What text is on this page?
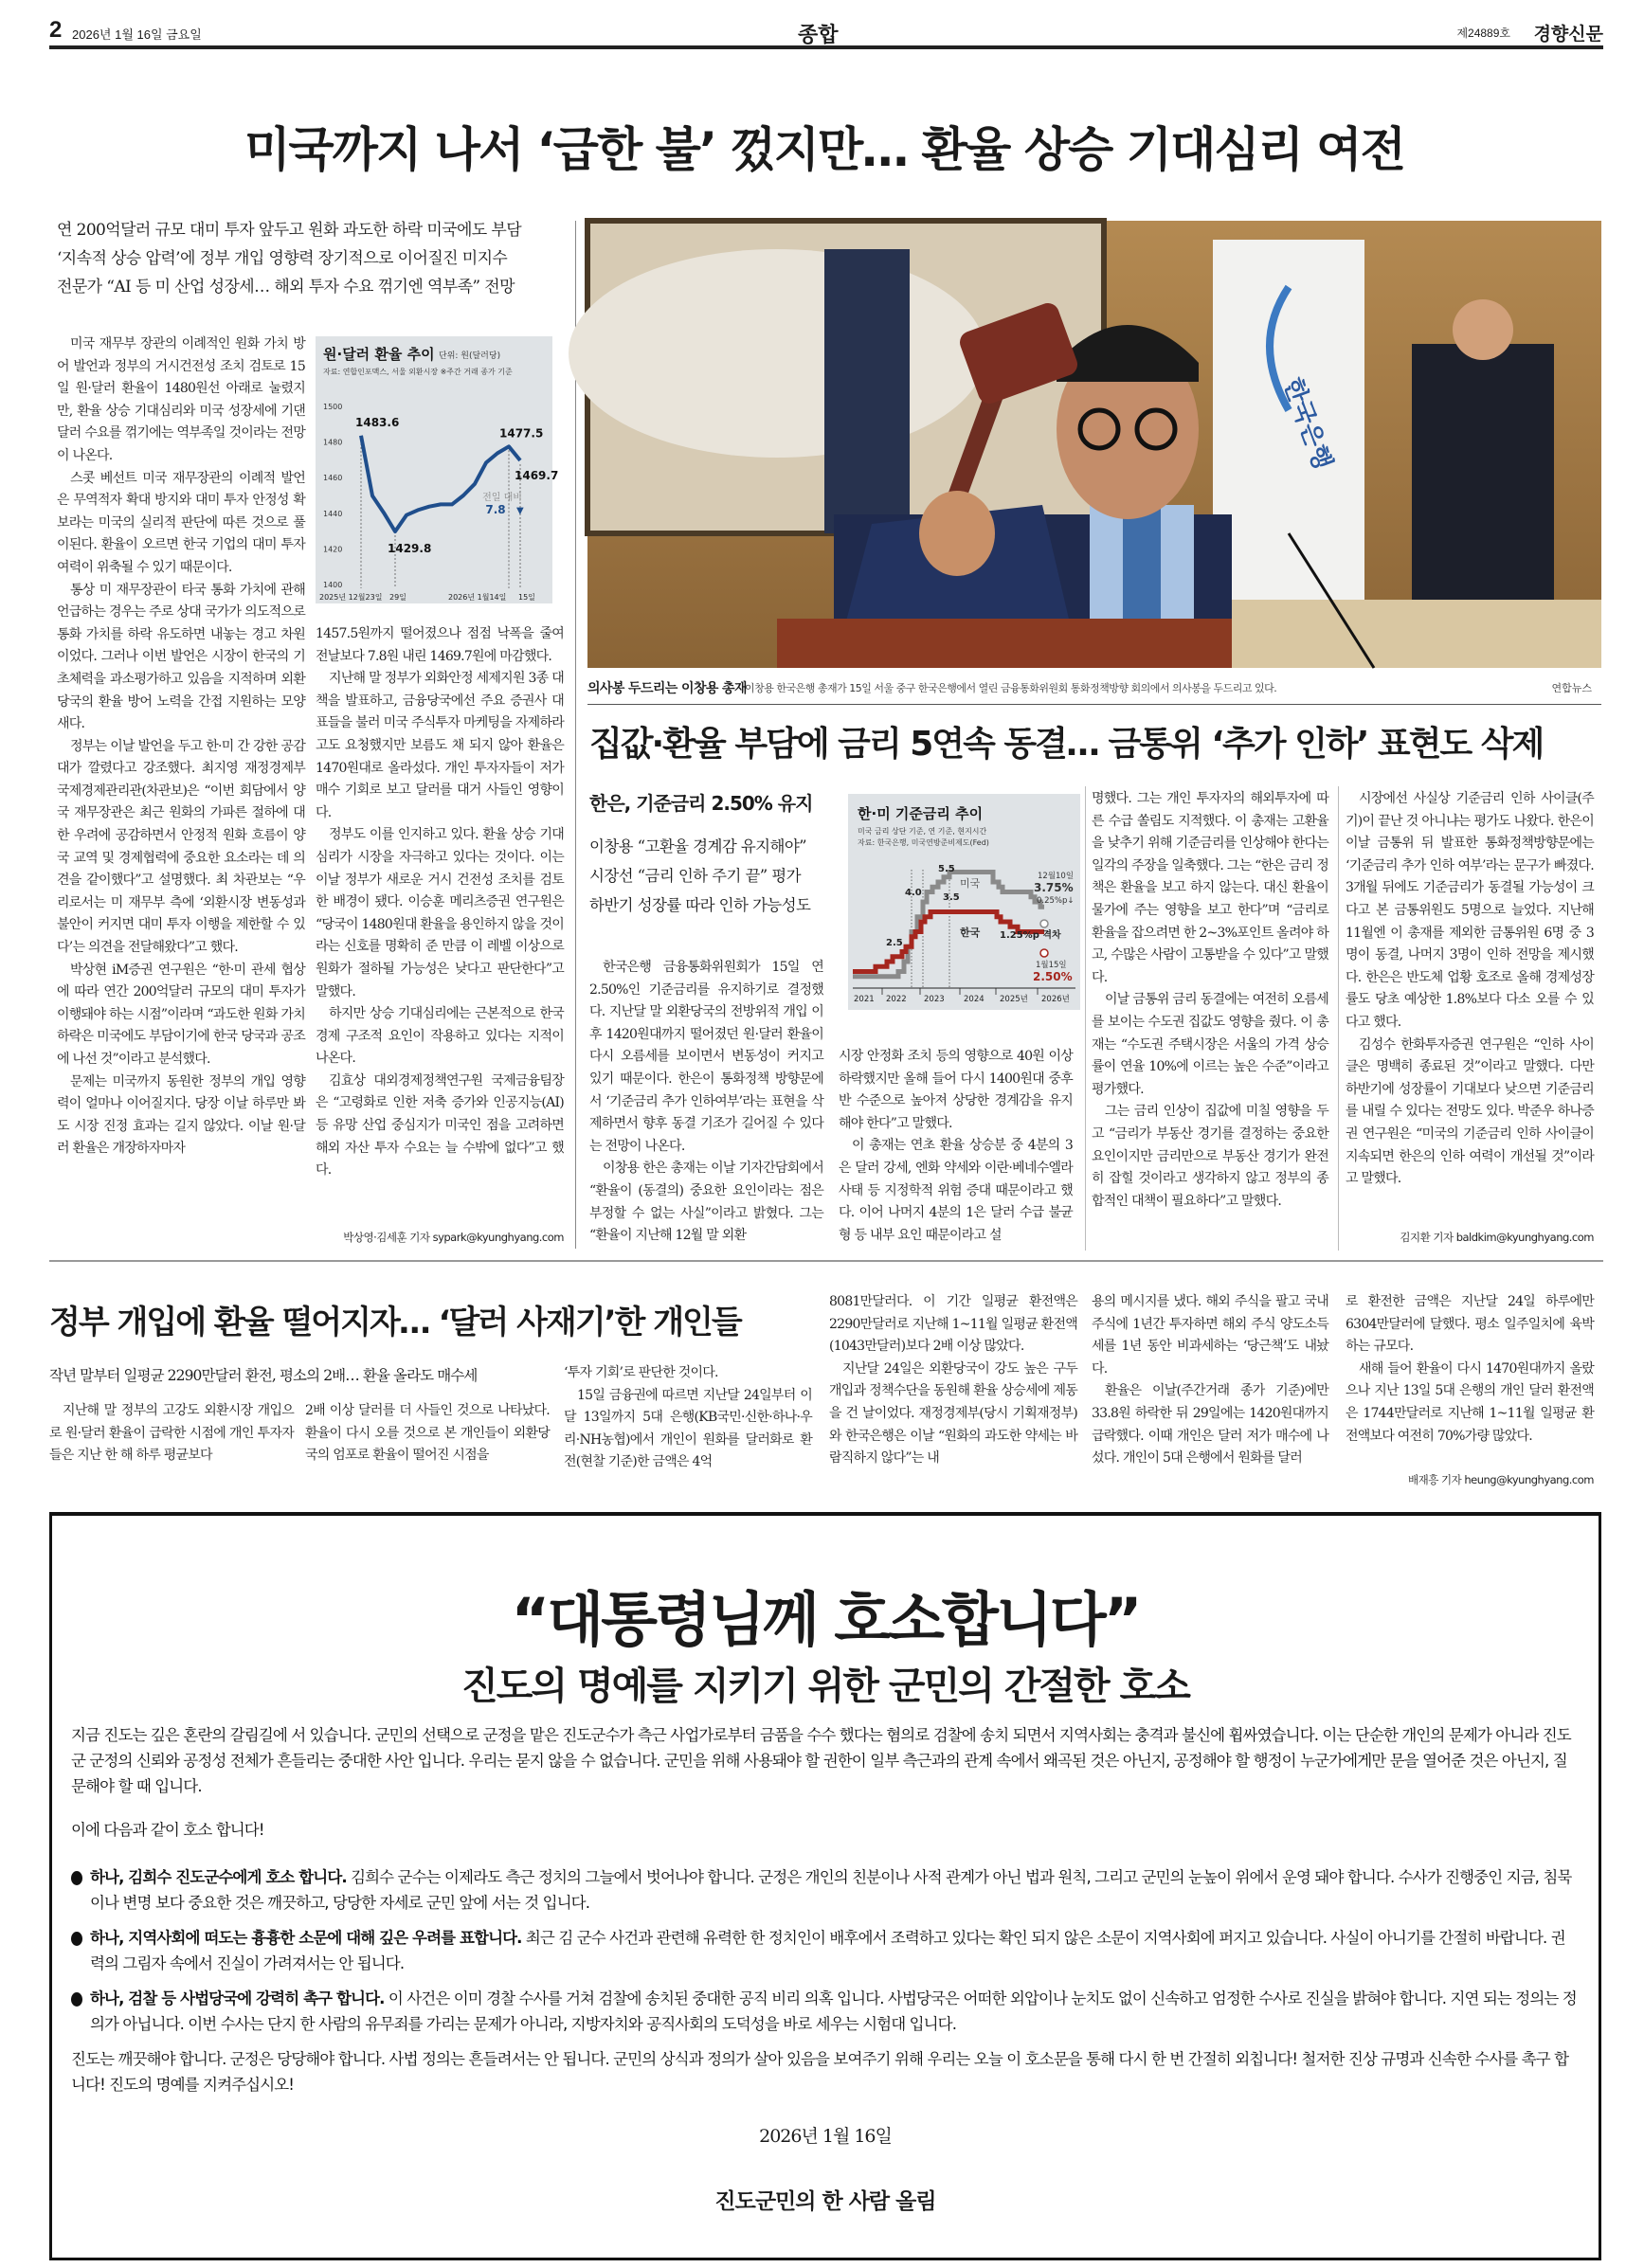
2 2026년 1월 16일 금요일	종합	제24889호 경향신문
미국까지 나서 ‘급한 불’ 껐지만… 환율 상승 기대심리 여전
연 200억달러 규모 대미 투자 앞두고 원화 과도한 하락 미국에도 부담
‘지속적 상승 압력’에 정부 개입 영향력 장기적으로 이어질진 미지수
전문가 “AI 등 미 산업 성장세… 해외 투자 수요 꺾기엔 역부족” 전망

미국 재무부 장관의 이례적인 원화 가치 방어 발언과 정부의 거시건전성 조치 검토로 15일 원·달러 환율이 1480원선 아래로 눌렸지만, 환율 상승 기대심리와 미국 성장세에 기댄 달러 수요를 꺾기에는 역부족일 것이라는 전망이 나온다.

스콧 베선트 미국 재무장관의 이례적 발언은 무역적자 확대 방지와 대미 투자 안정성 확보라는 미국의 실리적 판단에 따른 것으로 풀이된다. 환율이 오르면 한국 기업의 대미 투자 여력이 위축될 수 있기 때문이다.

통상 미 재무장관이 타국 통화 가치에 관해 언급하는 경우는 주로 상대 국가가 의도적으로 통화 가치를 하락 유도하면 내놓는 경고 차원이었다. 그러나 이번 발언은 시장이 한국의 기초체력을 과소평가하고 있음을 지적하며 외환당국의 환율 방어 노력을 간접 지원하는 모양새다.

정부는 이날 발언을 두고 한·미 간 강한 공감대가 깔렸다고 강조했다. 최지영 재정경제부 국제경제관리관(차관보)은 “이번 회담에서 양국 재무장관은 최근 원화의 가파른 절하에 대한 우려에 공감하면서 안정적 원화 흐름이 양국 교역 및 경제협력에 중요한 요소라는 데 의견을 같이했다”고 설명했다. 최 차관보는 “우리로서는 미 재무부 측에 ‘외환시장 변동성과 불안이 커지면 대미 투자 이행을 제한할 수 있다’는 의견을 전달해왔다”고 했다.

박상현 iM증권 연구원은 “한·미 관세 협상에 따라 연간 200억달러 규모의 대미 투자가 이행돼야 하는 시점”이라며 “과도한 원화 가치 하락은 미국에도 부담이기에 한국 당국과 공조에 나선 것”이라고 분석했다.

문제는 미국까지 동원한 정부의 개입 영향력이 얼마나 이어질지다. 당장 이날 하루만 봐도 시장 진정 효과는 길지 않았다. 이날 원·달러 환율은 개장하자마자

원·달러 환율 추이 단위: 원(달러당)
자료: 연합인포맥스, 서울 외환시장 ※주간 거래 종가 기준
1400
1420
1440
1460
1480
1500
1483.6
1429.8
1477.5
1469.7
전일 대비
7.8 ▼
2025년 12월23일 29일	2026년 1월14일 15일

1457.5원까지 떨어졌으나 점점 낙폭을 줄여 전날보다 7.8원 내린 1469.7원에 마감했다.

지난해 말 정부가 외화안정 세제지원 3종 대책을 발표하고, 금융당국에선 주요 증권사 대표들을 불러 미국 주식투자 마케팅을 자제하라고도 요청했지만 보름도 채 되지 않아 환율은 1470원대로 올라섰다. 개인 투자자들이 저가 매수 기회로 보고 달러를 대거 사들인 영향이다.

정부도 이를 인지하고 있다. 환율 상승 기대심리가 시장을 자극하고 있다는 것이다. 이는 이날 정부가 새로운 거시 건전성 조치를 검토한 배경이 됐다. 이승훈 메리츠증권 연구원은 “당국이 1480원대 환율을 용인하지 않을 것이라는 신호를 명확히 준 만큼 이 레벨 이상으로 원화가 절하될 가능성은 낮다고 판단한다”고 말했다.

하지만 상승 기대심리에는 근본적으로 한국 경제 구조적 요인이 작용하고 있다는 지적이 나온다.

김효상 대외경제정책연구원 국제금융팀장은 “고령화로 인한 저축 증가와 인공지능(AI) 등 유망 산업 중심지가 미국인 점을 고려하면 해외 자산 투자 수요는 늘 수밖에 없다”고 했다.

박상영·김세훈 기자 sypark@kyunghyang.com
한국은행
의사봉 두드리는 이창용 총재
이창용 한국은행 총재가 15일 서울 중구 한국은행에서 열린 금융통화위원회 통화정책방향 회의에서 의사봉을 두드리고 있다.	연합뉴스
집값·환율 부담에 금리 5연속 동결… 금통위 ‘추가 인하’ 표현도 삭제
한은, 기준금리 2.50% 유지
이창용 “고환율 경계감 유지해야”
시장선 “금리 인하 주기 끝” 평가
하반기 성장률 따라 인하 가능성도
한·미 기준금리 추이
미국 금리 상단 기준, 연 기준, 현지시간
자료: 한국은행, 미국연방준비제도(Fed)
5.5
4.0 3.5
2.5
미국
한국
12월10일
3.75%
0.25%p↓
1.25%p 격차
1월15일
2.50%
2021 2022 2023 2024 2025년 2026년

한국은행 금융통화위원회가 15일 연 2.50%인 기준금리를 유지하기로 결정했다. 지난달 말 외환당국의 전방위적 개입 이후 1420원대까지 떨어졌던 원·달러 환율이 다시 오름세를 보이면서 변동성이 커지고 있기 때문이다. 한은이 통화정책 방향문에서 ‘기준금리 추가 인하여부’라는 표현을 삭제하면서 향후 동결 기조가 길어질 수 있다는 전망이 나온다.

이창용 한은 총재는 이날 기자간담회에서 “환율이 (동결의) 중요한 요인이라는 점은 부정할 수 없는 사실”이라고 밝혔다. 그는 “환율이 지난해 12월 말 외환

시장 안정화 조치 등의 영향으로 40원 이상 하락했지만 올해 들어 다시 1400원대 중후반 수준으로 높아져 상당한 경계감을 유지해야 한다”고 말했다.

이 총재는 연초 환율 상승분 중 4분의 3은 달러 강세, 엔화 약세와 이란·베네수엘라 사태 등 지정학적 위험 증대 때문이라고 했다. 이어 나머지 4분의 1은 달러 수급 불균형 등 내부 요인 때문이라고 설

명했다. 그는 개인 투자자의 해외투자에 따른 수급 쏠림도 지적했다. 이 총재는 고환율을 낮추기 위해 기준금리를 인상해야 한다는 일각의 주장을 일축했다. 그는 “한은 금리 정책은 환율을 보고 하지 않는다. 대신 환율이 물가에 주는 영향을 보고 한다”며 “금리로 환율을 잡으려면 한 2~3%포인트 올려야 하고, 수많은 사람이 고통받을 수 있다”고 말했다.

이날 금통위 금리 동결에는 여전히 오름세를 보이는 수도권 집값도 영향을 줬다. 이 총재는 “수도권 주택시장은 서울의 가격 상승률이 연율 10%에 이르는 높은 수준”이라고 평가했다.

그는 금리 인상이 집값에 미칠 영향을 두고 “금리가 부동산 경기를 결정하는 중요한 요인이지만 금리만으로 부동산 경기가 완전히 잡힐 것이라고 생각하지 않고 정부의 종합적인 대책이 필요하다”고 말했다.

시장에선 사실상 기준금리 인하 사이클(주기)이 끝난 것 아니냐는 평가도 나왔다. 한은이 이날 금통위 뒤 발표한 통화정책방향문에는 ‘기준금리 추가 인하 여부’라는 문구가 빠졌다. 3개월 뒤에도 기준금리가 동결될 가능성이 크다고 본 금통위원도 5명으로 늘었다. 지난해 11월엔 이 총재를 제외한 금통위원 6명 중 3명이 동결, 나머지 3명이 인하 전망을 제시했다. 한은은 반도체 업황 호조로 올해 경제성장률도 당초 예상한 1.8%보다 다소 오를 수 있다고 했다.

김성수 한화투자증권 연구원은 “인하 사이클은 명백히 종료된 것”이라고 말했다. 다만 하반기에 성장률이 기대보다 낮으면 기준금리를 내릴 수 있다는 전망도 있다. 박준우 하나증권 연구원은 “미국의 기준금리 인하 사이클이 지속되면 한은의 인하 여력이 개선될 것”이라고 말했다.

김지환 기자 baldkim@kyunghyang.com
정부 개입에 환율 떨어지자… ‘달러 사재기’한 개인들
작년 말부터 일평균 2290만달러 환전, 평소의 2배… 환율 올라도 매수세

지난해 말 정부의 고강도 외환시장 개입으로 원·달러 환율이 급락한 시점에 개인 투자자들은 지난 한 해 하루 평균보다

2배 이상 달러를 더 사들인 것으로 나타났다. 환율이 다시 오를 것으로 본 개인들이 외환당국의 엄포로 환율이 떨어진 시점을

‘투자 기회’로 판단한 것이다.

15일 금융권에 따르면 지난달 24일부터 이달 13일까지 5대 은행(KB국민·신한·하나·우리·NH농협)에서 개인이 원화를 달러화로 환전(현찰 기준)한 금액은 4억

8081만달러다. 이 기간 일평균 환전액은 2290만달러로 지난해 1~11월 일평균 환전액(1043만달러)보다 2배 이상 많았다.

지난달 24일은 외환당국이 강도 높은 구두개입과 정책수단을 동원해 환율 상승세에 제동을 건 날이었다. 재정경제부(당시 기획재정부)와 한국은행은 이날 “원화의 과도한 약세는 바람직하지 않다”는 내

용의 메시지를 냈다. 해외 주식을 팔고 국내 주식에 1년간 투자하면 해외 주식 양도소득세를 1년 동안 비과세하는 ‘당근책’도 내놨다.

환율은 이날(주간거래 종가 기준)에만 33.8원 하락한 뒤 29일에는 1420원대까지 급락했다. 이때 개인은 달러 저가 매수에 나섰다. 개인이 5대 은행에서 원화를 달러

로 환전한 금액은 지난달 24일 하루에만 6304만달러에 달했다. 평소 일주일치에 육박하는 규모다.

새해 들어 환율이 다시 1470원대까지 올랐으나 지난 13일 5대 은행의 개인 달러 환전액은 1744만달러로 지난해 1~11월 일평균 환전액보다 여전히 70%가량 많았다.

배재흥 기자 heung@kyunghyang.com
“대통령님께 호소합니다”
진도의 명예를 지키기 위한 군민의 간절한 호소
지금 진도는 깊은 혼란의 갈림길에 서 있습니다. 군민의 선택으로 군정을 맡은 진도군수가 측근 사업가로부터 금품을 수수 했다는 혐의로 검찰에 송치 되면서 지역사회는 충격과 불신에 휩싸였습니다. 이는 단순한 개인의 문제가 아니라 진도군 군정의 신뢰와 공정성 전체가 흔들리는 중대한 사안 입니다. 우리는 묻지 않을 수 없습니다. 군민을 위해 사용돼야 할 권한이 일부 측근과의 관계 속에서 왜곡된 것은 아닌지, 공정해야 할 행정이 누군가에게만 문을 열어준 것은 아닌지, 질문해야 할 때 입니다.
이에 다음과 같이 호소 합니다!
하나, 김희수 진도군수에게 호소 합니다. 김희수 군수는 이제라도 측근 정치의 그늘에서 벗어나야 합니다. 군정은 개인의 친분이나 사적 관계가 아닌 법과 원칙, 그리고 군민의 눈높이 위에서 운영 돼야 합니다. 수사가 진행중인 지금, 침묵이나 변명 보다 중요한 것은 깨끗하고, 당당한 자세로 군민 앞에 서는 것 입니다.
하나, 지역사회에 떠도는 흉흉한 소문에 대해 깊은 우려를 표합니다. 최근 김 군수 사건과 관련해 유력한 한 정치인이 배후에서 조력하고 있다는 확인 되지 않은 소문이 지역사회에 퍼지고 있습니다. 사실이 아니기를 간절히 바랍니다. 권력의 그림자 속에서 진실이 가려져서는 안 됩니다.
하나, 검찰 등 사법당국에 강력히 촉구 합니다. 이 사건은 이미 경찰 수사를 거쳐 검찰에 송치된 중대한 공직 비리 의혹 입니다. 사법당국은 어떠한 외압이나 눈치도 없이 신속하고 엄정한 수사로 진실을 밝혀야 합니다. 지연 되는 정의는 정의가 아닙니다. 이번 수사는 단지 한 사람의 유무죄를 가리는 문제가 아니라, 지방자치와 공직사회의 도덕성을 바로 세우는 시험대 입니다.
진도는 깨끗해야 합니다. 군정은 당당해야 합니다. 사법 정의는 흔들려서는 안 됩니다. 군민의 상식과 정의가 살아 있음을 보여주기 위해 우리는 오늘 이 호소문을 통해 다시 한 번 간절히 외칩니다! 철저한 진상 규명과 신속한 수사를 촉구 합니다! 진도의 명예를 지켜주십시오!
2026년 1월 16일
진도군민의 한 사람 올림
